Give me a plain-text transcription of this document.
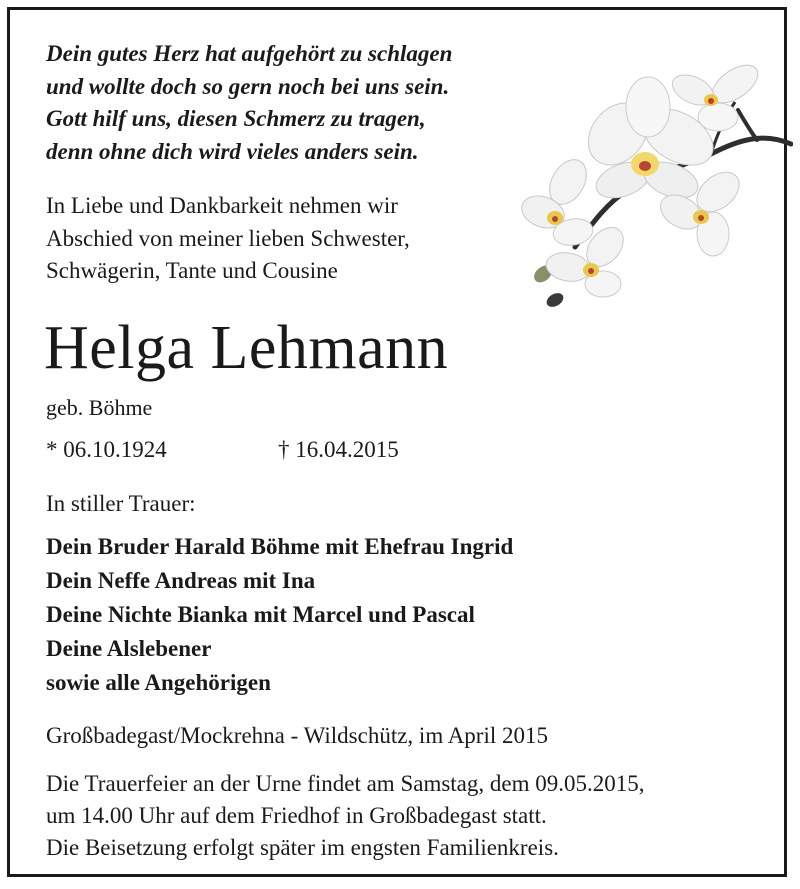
Dein gutes Herz hat aufgehört zu schlagen
und wollte doch so gern noch bei uns sein.
Gott hilf uns, diesen Schmerz zu tragen,
denn ohne dich wird vieles anders sein.
In Liebe und Dankbarkeit nehmen wir
Abschied von meiner lieben Schwester,
Schwägerin, Tante und Cousine
Helga Lehmann
geb. Böhme
* 06.10.1924	† 16.04.2015
In stiller Trauer:
Dein Bruder Harald Böhme mit Ehefrau Ingrid
Dein Neffe Andreas mit Ina
Deine Nichte Bianka mit Marcel und Pascal
Deine Alslebener
sowie alle Angehörigen
Großbadegast/Mockrehna - Wildschütz, im April 2015
Die Trauerfeier an der Urne findet am Samstag, dem 09.05.2015,
um 14.00 Uhr auf dem Friedhof in Großbadegast statt.
Die Beisetzung erfolgt später im engsten Familienkreis.
